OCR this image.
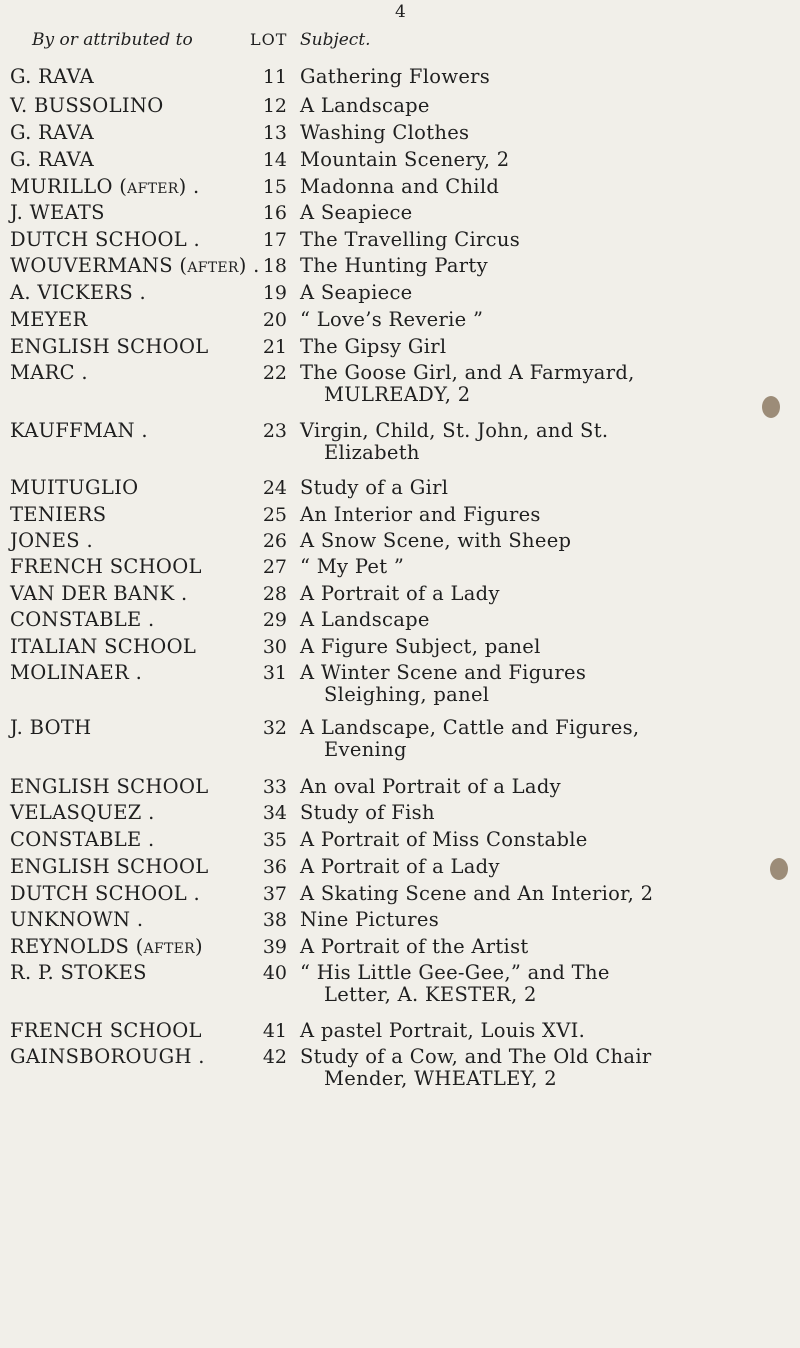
4
By or attributed to	LOT Subject.
G. RAVA	11 Gathering Flowers
V. BUSSOLINO	12 A Landscape
G. RAVA	13 Washing Clothes
G. RAVA	14 Mountain Scenery, 2
MURILLO (after) .	15 Madonna and Child
J. WEATS	16 A Seapiece
DUTCH SCHOOL .	17 The Travelling Circus
WOUVERMANS (after) . 18 The Hunting Party
A. VICKERS .	19 A Seapiece
MEYER	20 “ Love’s Reverie ”
ENGLISH SCHOOL	21 The Gipsy Girl
MARC .	22 The Goose Girl, and A Farmyard,
MULREADY, 2
KAUFFMAN .	23 Virgin, Child, St. John, and St.
Elizabeth
MUITUGLIO	24 Study of a Girl
TENIERS	25 An Interior and Figures
JONES .	26 A Snow Scene, with Sheep
FRENCH SCHOOL	27 “ My Pet ”
VAN DER BANK .	28 A Portrait of a Lady
CONSTABLE .	29 A Landscape
ITALIAN SCHOOL	30 A Figure Subject, panel
MOLINAER .	31 A Winter Scene and Figures
Sleighing, panel
J. BOTH	32 A Landscape, Cattle and Figures,
Evening
ENGLISH SCHOOL	33 An oval Portrait of a Lady
VELASQUEZ .	34 Study of Fish
CONSTABLE .	35 A Portrait of Miss Constable
ENGLISH SCHOOL	36 A Portrait of a Lady
DUTCH SCHOOL .	37 A Skating Scene and An Interior, 2
UNKNOWN .	38 Nine Pictures
REYNOLDS (after)	39 A Portrait of the Artist
R. P. STOKES	40 “ His Little Gee-Gee,” and The
Letter, A. KESTER, 2
FRENCH SCHOOL	41 A pastel Portrait, Louis XVI.
GAINSBOROUGH .	42 Study of a Cow, and The Old Chair
Mender, WHEATLEY, 2
